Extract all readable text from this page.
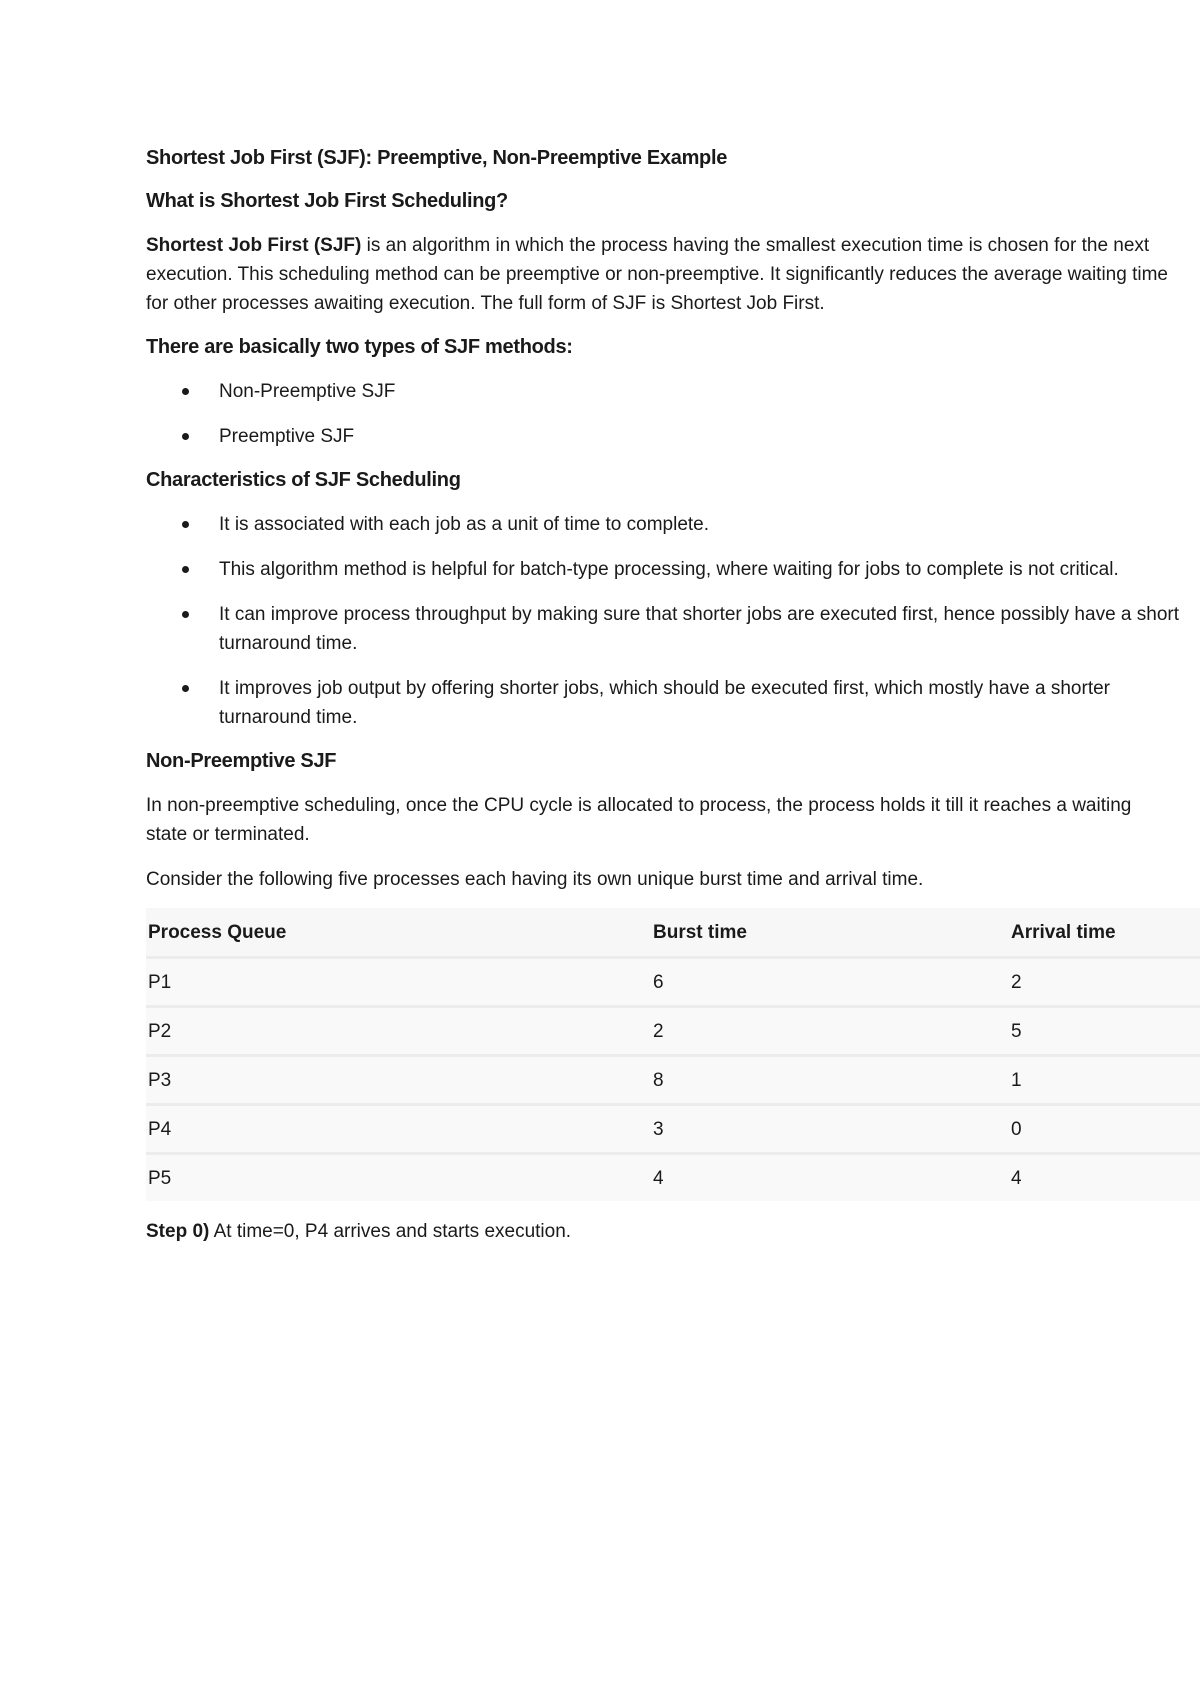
Shortest Job First (SJF): Preemptive, Non-Preemptive Example
What is Shortest Job First Scheduling?

Shortest Job First (SJF) is an algorithm in which the process having the smallest execution time is chosen for the next execution. This scheduling method can be preemptive or non-preemptive. It significantly reduces the average waiting time for other processes awaiting execution. The full form of SJF is Shortest Job First.

There are basically two types of SJF methods:
Non-Preemptive SJF
Preemptive SJF
Characteristics of SJF Scheduling
It is associated with each job as a unit of time to complete.
This algorithm method is helpful for batch-type processing, where waiting for jobs to complete is not critical.
It can improve process throughput by making sure that shorter jobs are executed first, hence possibly have a short turnaround time.
It improves job output by offering shorter jobs, which should be executed first, which mostly have a shorter turnaround time.
Non-Preemptive SJF

In non-preemptive scheduling, once the CPU cycle is allocated to process, the process holds it till it reaches a waiting state or terminated.

Consider the following five processes each having its own unique burst time and arrival time.

Process Queue	Burst time	Arrival time
P1	6	2
P2	2	5
P3	8	1
P4	3	0
P5	4	4

Step 0) At time=0, P4 arrives and starts execution.
